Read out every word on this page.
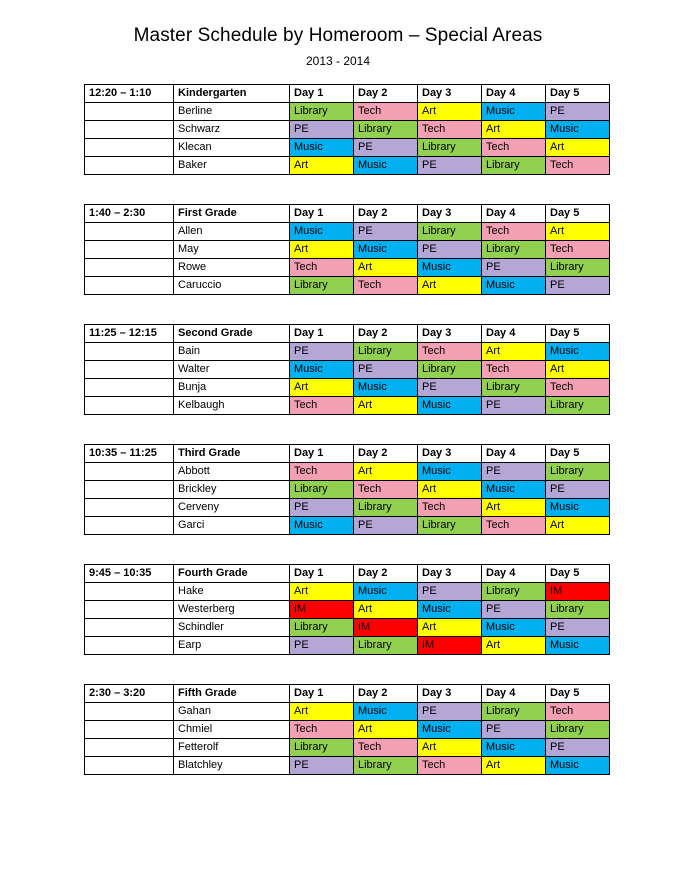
Master Schedule by Homeroom – Special Areas
2013 - 2014
12:20 – 1:10	Kindergarten	Day 1	Day 2	Day 3	Day 4	Day 5
	Berline	Library	Tech	Art	Music	PE
	Schwarz	PE	Library	Tech	Art	Music
	Klecan	Music	PE	Library	Tech	Art
	Baker	Art	Music	PE	Library	Tech
1:40 – 2:30	First Grade	Day 1	Day 2	Day 3	Day 4	Day 5
	Allen	Music	PE	Library	Tech	Art
	May	Art	Music	PE	Library	Tech
	Rowe	Tech	Art	Music	PE	Library
	Caruccio	Library	Tech	Art	Music	PE
11:25 – 12:15	Second Grade	Day 1	Day 2	Day 3	Day 4	Day 5
	Bain	PE	Library	Tech	Art	Music
	Walter	Music	PE	Library	Tech	Art
	Bunja	Art	Music	PE	Library	Tech
	Kelbaugh	Tech	Art	Music	PE	Library
10:35 – 11:25	Third Grade	Day 1	Day 2	Day 3	Day 4	Day 5
	Abbott	Tech	Art	Music	PE	Library
	Brickley	Library	Tech	Art	Music	PE
	Cerveny	PE	Library	Tech	Art	Music
	Garci	Music	PE	Library	Tech	Art
9:45 – 10:35	Fourth Grade	Day 1	Day 2	Day 3	Day 4	Day 5
	Hake	Art	Music	PE	Library	IM
	Westerberg	IM	Art	Music	PE	Library
	Schindler	Library	IM	Art	Music	PE
	Earp	PE	Library	IM	Art	Music
2:30 – 3:20	Fifth Grade	Day 1	Day 2	Day 3	Day 4	Day 5
	Gahan	Art	Music	PE	Library	Tech
	Chmiel	Tech	Art	Music	PE	Library
	Fetterolf	Library	Tech	Art	Music	PE
	Blatchley	PE	Library	Tech	Art	Music
